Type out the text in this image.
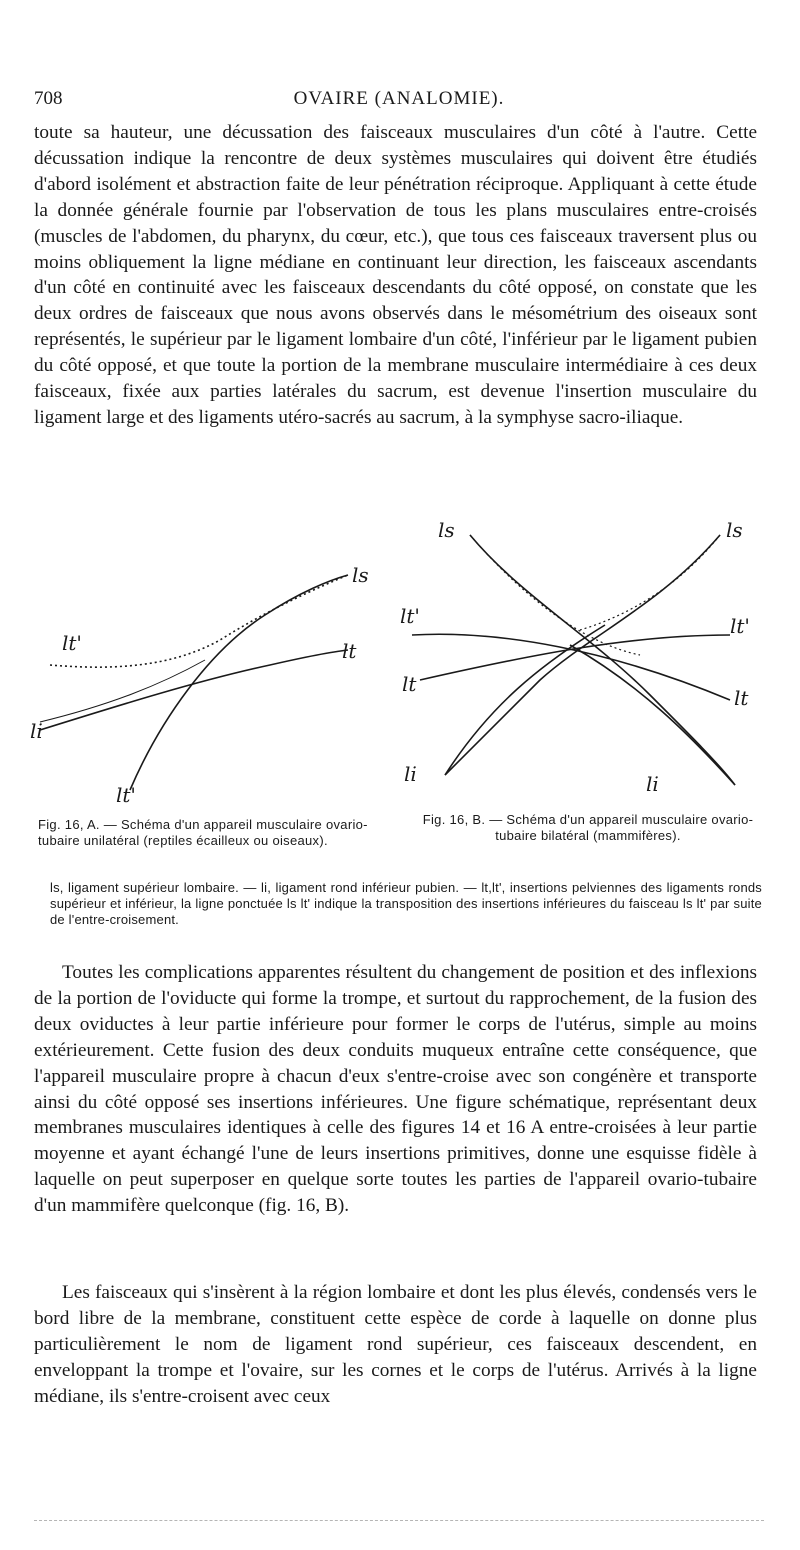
708	OVAIRE (ANALOMIE).

toute sa hauteur, une décussation des faisceaux musculaires d'un côté à l'autre. Cette décussation indique la rencontre de deux systèmes musculaires qui doivent être étudiés d'abord isolément et abstraction faite de leur pénétration réciproque. Appliquant à cette étude la donnée générale fournie par l'observation de tous les plans musculaires entre-croisés (muscles de l'abdomen, du pharynx, du cœur, etc.), que tous ces faisceaux traversent plus ou moins obliquement la ligne médiane en continuant leur direction, les faisceaux ascendants d'un côté en continuité avec les faisceaux descendants du côté opposé, on constate que les deux ordres de faisceaux que nous avons observés dans le mésométrium des oiseaux sont représentés, le supérieur par le ligament lombaire d'un côté, l'inférieur par le ligament pubien du côté opposé, et que toute la portion de la membrane musculaire intermédiaire à ces deux faisceaux, fixée aux parties latérales du sacrum, est devenue l'insertion musculaire du ligament large et des ligaments utéro-sacrés au sacrum, à la symphyse sacro-iliaque.

ls
lt'	lt
li
lt'
ls	ls
lt'	lt'
lt
lt
li	li

Fig. 16, A. — Schéma d'un appareil musculaire ovario-tubaire unilatéral (reptiles écailleux ou oiseaux).

Fig. 16, B. — Schéma d'un appareil musculaire ovario-tubaire bilatéral (mammifères).

ls, ligament supérieur lombaire. — li, ligament rond inférieur pubien. — lt,lt', insertions pelviennes des ligaments ronds supérieur et inférieur, la ligne ponctuée ls lt' indique la transposition des insertions inférieures du faisceau ls lt' par suite de l'entre-croisement.

Toutes les complications apparentes résultent du changement de position et des inflexions de la portion de l'oviducte qui forme la trompe, et surtout du rapprochement, de la fusion des deux oviductes à leur partie inférieure pour former le corps de l'utérus, simple au moins extérieurement. Cette fusion des deux conduits muqueux entraîne cette conséquence, que l'appareil musculaire propre à chacun d'eux s'entre-croise avec son congénère et transporte ainsi du côté opposé ses insertions inférieures. Une figure schématique, représentant deux membranes musculaires identiques à celle des figures 14 et 16 A entre-croisées à leur partie moyenne et ayant échangé l'une de leurs insertions primitives, donne une esquisse fidèle à laquelle on peut superposer en quelque sorte toutes les parties de l'appareil ovario-tubaire d'un mammifère quelconque (fig. 16, B).

Les faisceaux qui s'insèrent à la région lombaire et dont les plus élevés, condensés vers le bord libre de la membrane, constituent cette espèce de corde à laquelle on donne plus particulièrement le nom de ligament rond supérieur, ces faisceaux descendent, en enveloppant la trompe et l'ovaire, sur les cornes et le corps de l'utérus. Arrivés à la ligne médiane, ils s'entre-croisent avec ceux
